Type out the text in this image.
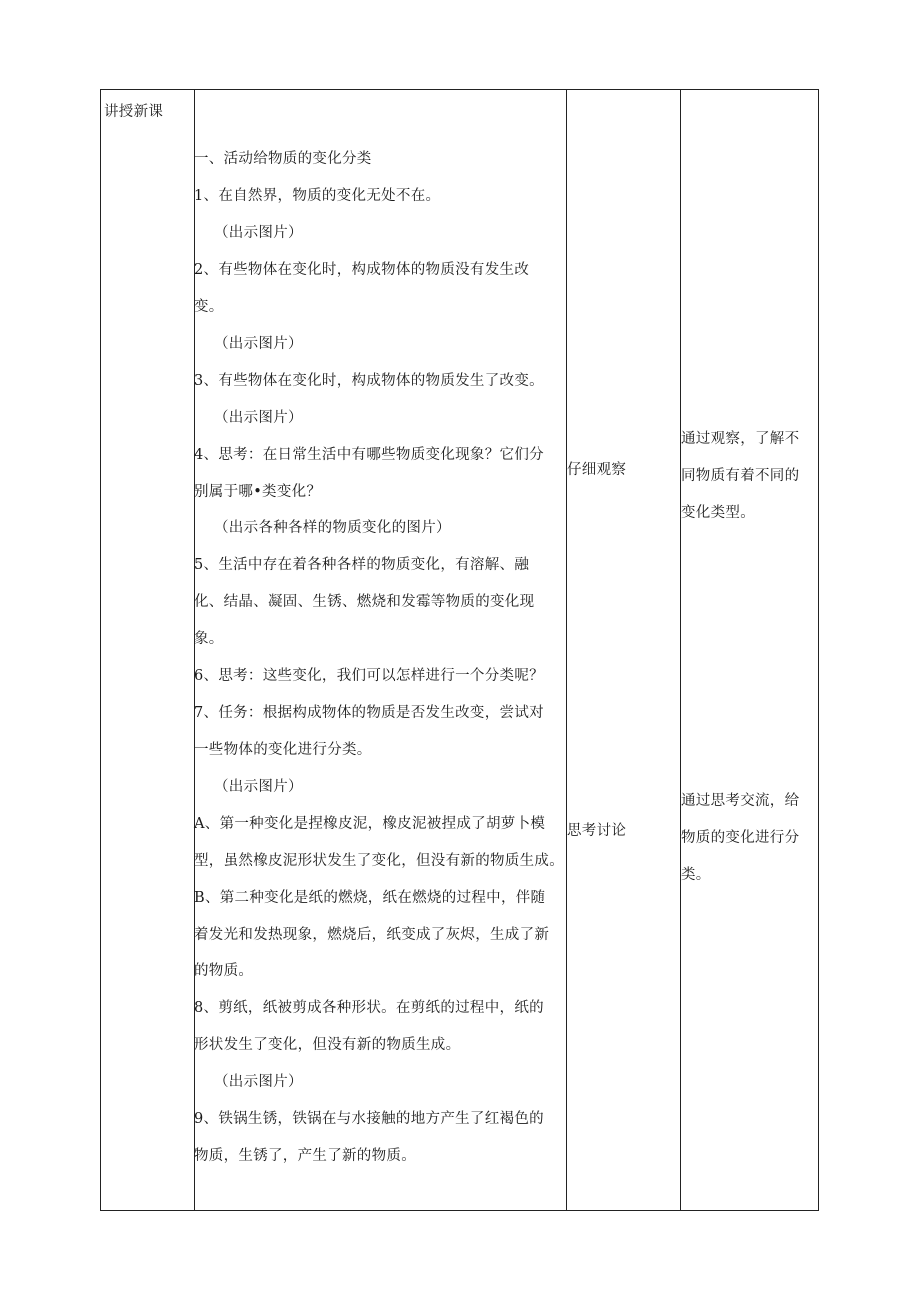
讲授新课
一、活动给物质的变化分类
1、在自然界，物质的变化无处不在。
（出示图片）
2、有些物体在变化时，构成物体的物质没有发生改
变。
（出示图片）
3、有些物体在变化时，构成物体的物质发生了改变。
（出示图片）
4、思考：在日常生活中有哪些物质变化现象？它们分
别属于哪•类变化？
（出示各种各样的物质变化的图片）
5、生活中存在着各种各样的物质变化，有溶解、融
化、结晶、凝固、生锈、燃烧和发霉等物质的变化现
象。
6、思考：这些变化，我们可以怎样进行一个分类呢？
7、任务：根据构成物体的物质是否发生改变，尝试对
一些物体的变化进行分类。
（出示图片）
A、第一种变化是捏橡皮泥，橡皮泥被捏成了胡萝卜模
型，虽然橡皮泥形状发生了变化，但没有新的物质生成。
B、第二种变化是纸的燃烧，纸在燃烧的过程中，伴随
着发光和发热现象，燃烧后，纸变成了灰烬，生成了新
的物质。
8、剪纸，纸被剪成各种形状。在剪纸的过程中，纸的
形状发生了变化，但没有新的物质生成。
（出示图片）
9、铁锅生锈，铁锅在与水接触的地方产生了红褐色的
物质，生锈了，产生了新的物质。
仔细观察
思考讨论
通过观察，了解不
同物质有着不同的
变化类型。
通过思考交流，给
物质的变化进行分
类。
